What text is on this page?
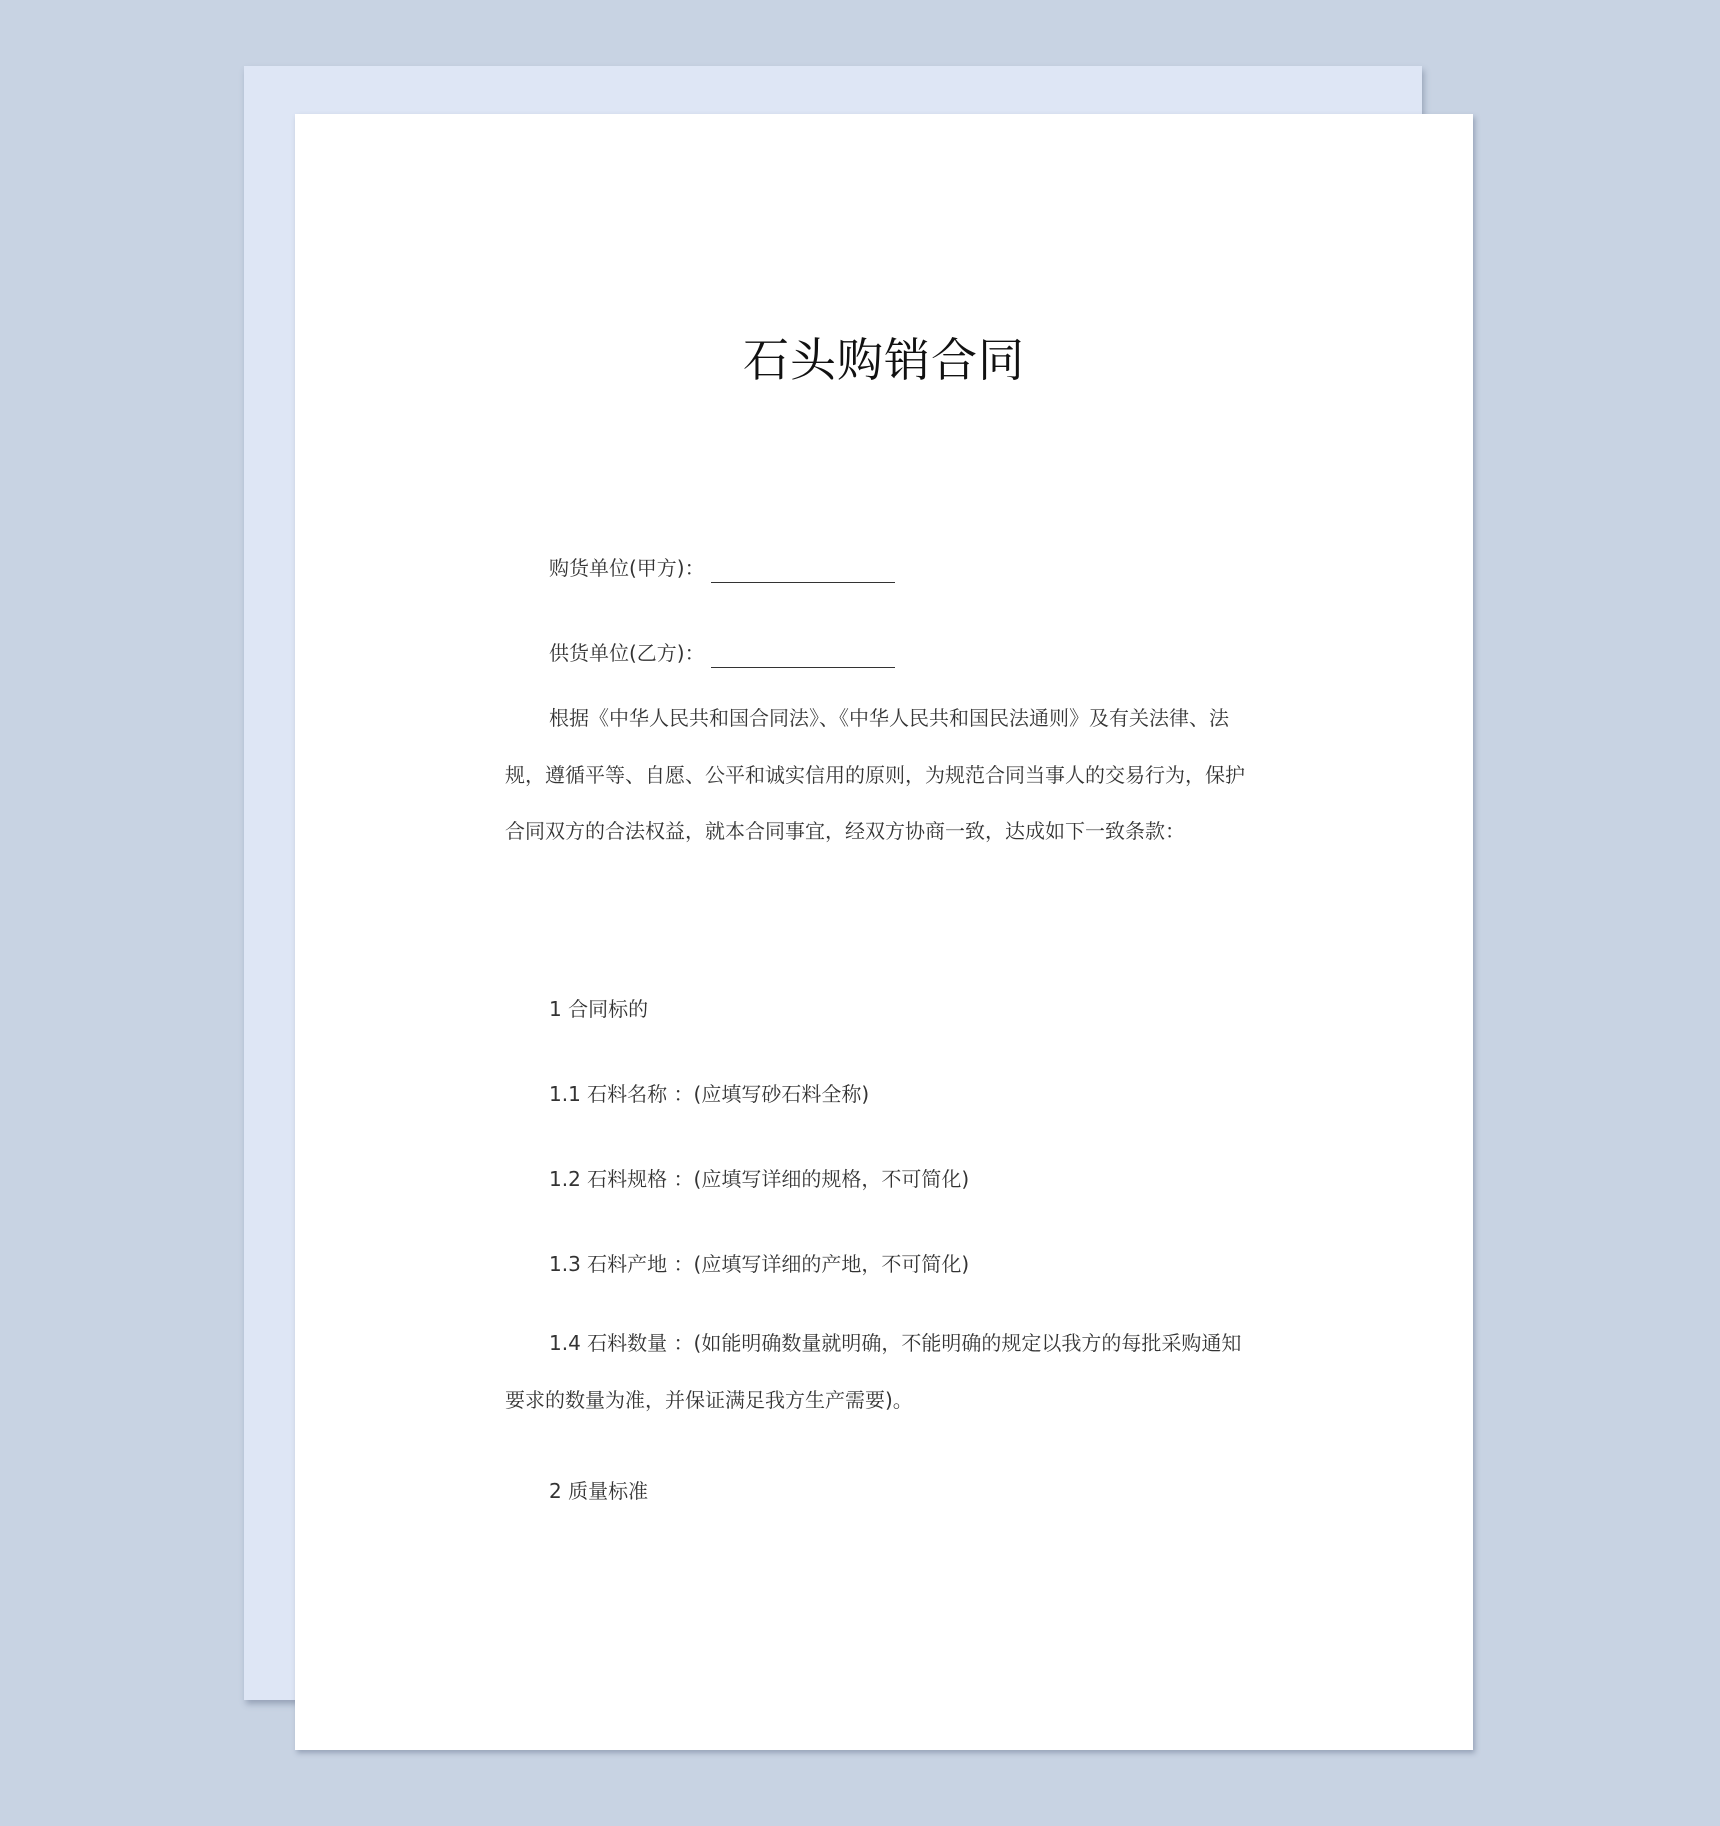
石头购销合同
购货单位(甲方)：
供货单位(乙方)：

根据《中华人民共和国合同法》、《中华人民共和国民法通则》及有关法律、法规，遵循平等、自愿、公平和诚实信用的原则，为规范合同当事人的交易行为，保护合同双方的合法权益，就本合同事宜，经双方协商一致，达成如下一致条款：

1 合同标的

1.1 石料名称 ：(应填写砂石料全称)

1.2 石料规格 ：(应填写详细的规格，不可简化)

1.3 石料产地 ：(应填写详细的产地，不可简化)

1.4 石料数量 ：(如能明确数量就明确，不能明确的规定以我方的每批采购通知要求的数量为准，并保证满足我方生产需要)。

2 质量标准
